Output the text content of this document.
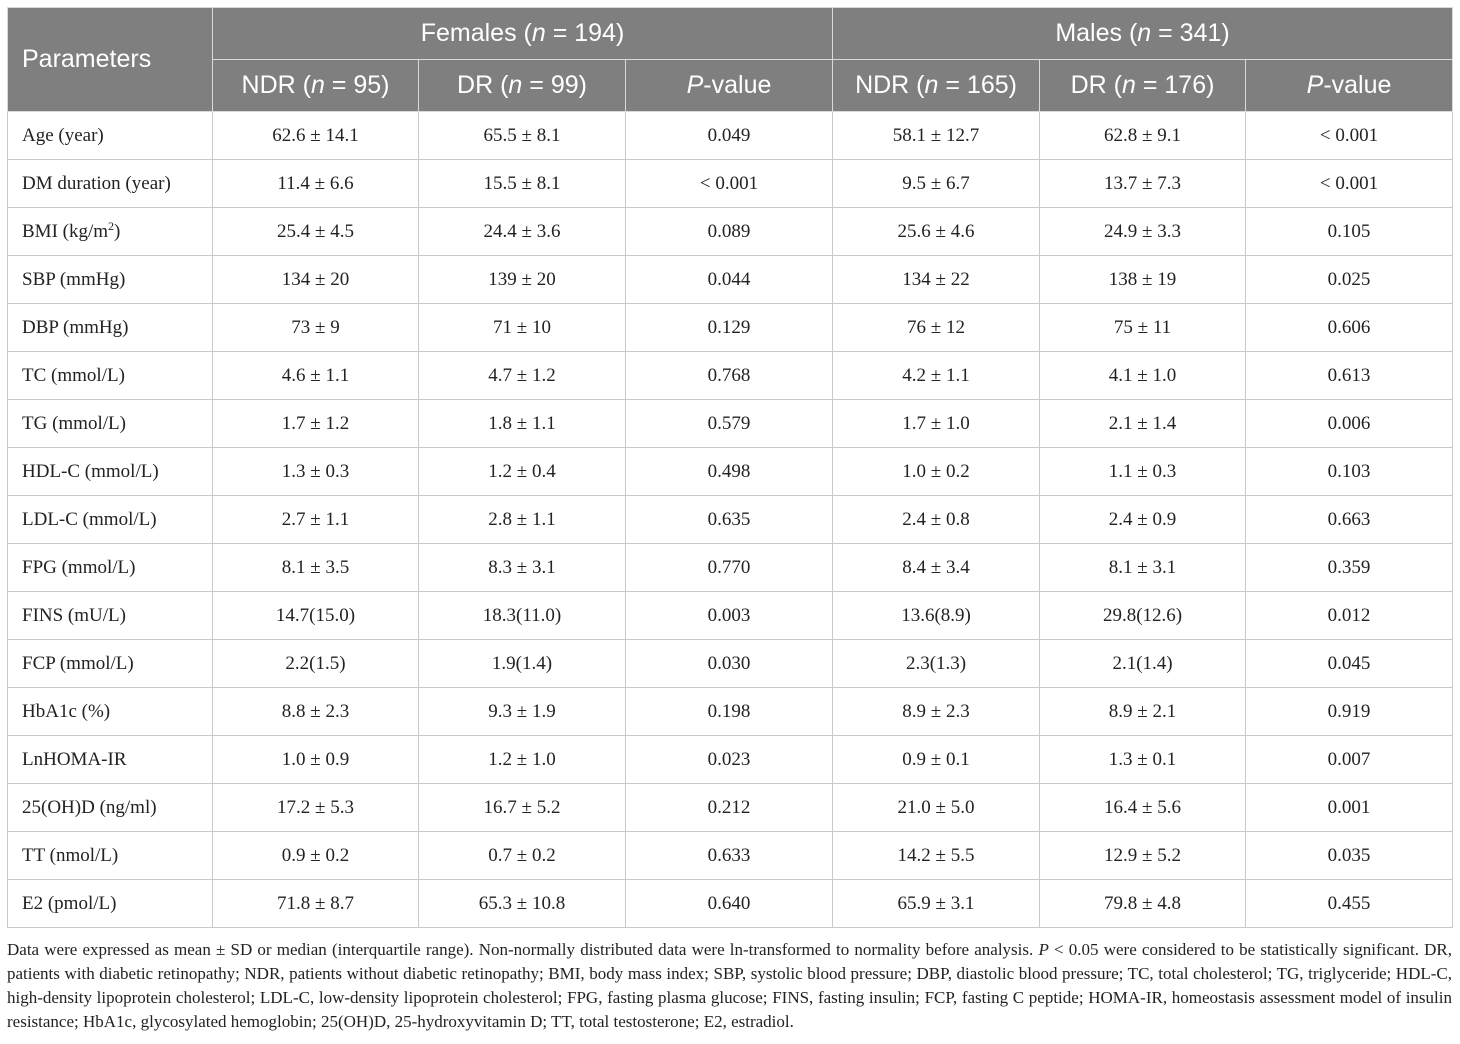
Parameters	Females (n = 194)			Males (n = 341)		
	NDR (n = 95)	DR (n = 99)	P-value	NDR (n = 165)	DR (n = 176)	P-value
Age (year)	62.6 ± 14.1	65.5 ± 8.1	0.049	58.1 ± 12.7	62.8 ± 9.1	< 0.001
DM duration (year)	11.4 ± 6.6	15.5 ± 8.1	< 0.001	9.5 ± 6.7	13.7 ± 7.3	< 0.001
BMI $(kg/m^2)$	25.4 ± 4.5	24.4 ± 3.6	0.089	25.6 ± 4.6	24.9 ± 3.3	0.105
SBP (mmHg)	134 ± 20	139 ± 20	0.044	134 ± 22	138 ± 19	0.025
DBP (mmHg)	73 ± 9	71 ± 10	0.129	76 ± 12	75 ± 11	0.606
TC (mmol/L)	4.6 ± 1.1	4.7 ± 1.2	0.768	4.2 ± 1.1	4.1 ± 1.0	0.613
TG (mmol/L)	1.7 ± 1.2	1.8 ± 1.1	0.579	1.7 ± 1.0	2.1 ± 1.4	0.006
HDL-C (mmol/L)	1.3 ± 0.3	1.2 ± 0.4	0.498	1.0 ± 0.2	1.1 ± 0.3	0.103
LDL-C (mmol/L)	2.7 ± 1.1	2.8 ± 1.1	0.635	2.4 ± 0.8	2.4 ± 0.9	0.663
FPG (mmol/L)	8.1 ± 3.5	8.3 ± 3.1	0.770	8.4 ± 3.4	8.1 ± 3.1	0.359
FINS (mU/L)	14.7(15.0)	18.3(11.0)	0.003	13.6(8.9)	29.8(12.6)	0.012
FCP (mmol/L)	2.2(1.5)	1.9(1.4)	0.030	2.3(1.3)	2.1(1.4)	0.045
HbA1c (%)	8.8 ± 2.3	9.3 ± 1.9	0.198	8.9 ± 2.3	8.9 ± 2.1	0.919
LnHOMA-IR	1.0 ± 0.9	1.2 ± 1.0	0.023	0.9 ± 0.1	1.3 ± 0.1	0.007
25(OH)D (ng/ml)	17.2 ± 5.3	16.7 ± 5.2	0.212	21.0 ± 5.0	16.4 ± 5.6	0.001
TT (nmol/L)	0.9 ± 0.2	0.7 ± 0.2	0.633	14.2 ± 5.5	12.9 ± 5.2	0.035
E2 (pmol/L)	71.8 ± 8.7	65.3 ± 10.8	0.640	65.9 ± 3.1	79.8 ± 4.8	0.455
Data were expressed as mean ± SD or median (interquartile range). Non-normally distributed data were ln-transformed to normality before analysis. P < 0.05 were considered to be statistically significant. DR, patients with diabetic retinopathy; NDR, patients without diabetic retinopathy; BMI, body mass index; SBP, systolic blood pressure; DBP, diastolic blood pressure; TC, total cholesterol; TG, triglyceride; HDL-C, high-density lipoprotein cholesterol; LDL-C, low-density lipoprotein cholesterol; FPG, fasting plasma glucose; FINS, fasting insulin; FCP, fasting C peptide; HOMA-IR, homeostasis assessment model of insulin resistance; HbA1c, glycosylated hemoglobin; 25(OH)D, 25-hydroxyvitamin D; TT, total testosterone; E2, estradiol.
